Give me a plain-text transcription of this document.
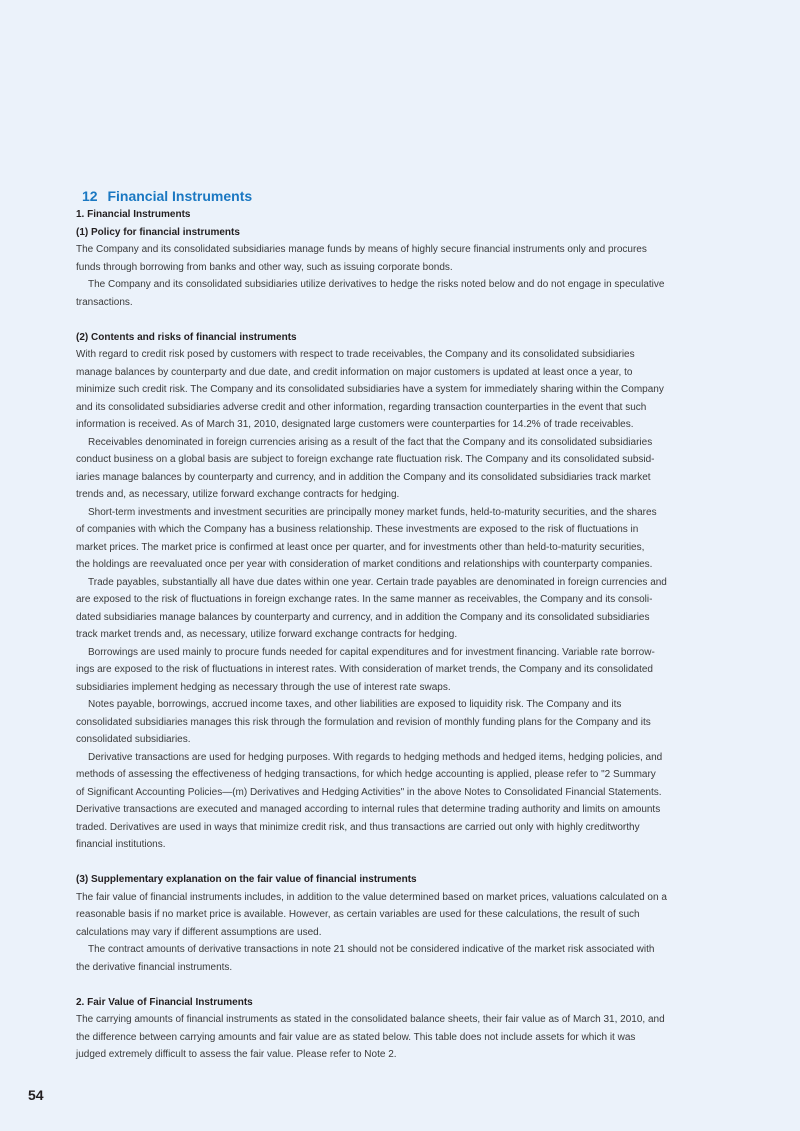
12 Financial Instruments
1. Financial Instruments
(1) Policy for financial instruments
The Company and its consolidated subsidiaries manage funds by means of highly secure financial instruments only and procures
funds through borrowing from banks and other way, such as issuing corporate bonds.
The Company and its consolidated subsidiaries utilize derivatives to hedge the risks noted below and do not engage in speculative
transactions.
(2) Contents and risks of financial instruments
With regard to credit risk posed by customers with respect to trade receivables, the Company and its consolidated subsidiaries
manage balances by counterparty and due date, and credit information on major customers is updated at least once a year, to
minimize such credit risk. The Company and its consolidated subsidiaries have a system for immediately sharing within the Company
and its consolidated subsidiaries adverse credit and other information, regarding transaction counterparties in the event that such
information is received. As of March 31, 2010, designated large customers were counterparties for 14.2% of trade receivables.
Receivables denominated in foreign currencies arising as a result of the fact that the Company and its consolidated subsidiaries
conduct business on a global basis are subject to foreign exchange rate fluctuation risk. The Company and its consolidated subsid-
iaries manage balances by counterparty and currency, and in addition the Company and its consolidated subsidiaries track market
trends and, as necessary, utilize forward exchange contracts for hedging.
Short-term investments and investment securities are principally money market funds, held-to-maturity securities, and the shares
of companies with which the Company has a business relationship. These investments are exposed to the risk of fluctuations in
market prices. The market price is confirmed at least once per quarter, and for investments other than held-to-maturity securities,
the holdings are reevaluated once per year with consideration of market conditions and relationships with counterparty companies.
Trade payables, substantially all have due dates within one year. Certain trade payables are denominated in foreign currencies and
are exposed to the risk of fluctuations in foreign exchange rates. In the same manner as receivables, the Company and its consoli-
dated subsidiaries manage balances by counterparty and currency, and in addition the Company and its consolidated subsidiaries
track market trends and, as necessary, utilize forward exchange contracts for hedging.
Borrowings are used mainly to procure funds needed for capital expenditures and for investment financing. Variable rate borrow-
ings are exposed to the risk of fluctuations in interest rates. With consideration of market trends, the Company and its consolidated
subsidiaries implement hedging as necessary through the use of interest rate swaps.
Notes payable, borrowings, accrued income taxes, and other liabilities are exposed to liquidity risk. The Company and its
consolidated subsidiaries manages this risk through the formulation and revision of monthly funding plans for the Company and its
consolidated subsidiaries.
Derivative transactions are used for hedging purposes. With regards to hedging methods and hedged items, hedging policies, and
methods of assessing the effectiveness of hedging transactions, for which hedge accounting is applied, please refer to "2 Summary
of Significant Accounting Policies—(m) Derivatives and Hedging Activities" in the above Notes to Consolidated Financial Statements.
Derivative transactions are executed and managed according to internal rules that determine trading authority and limits on amounts
traded. Derivatives are used in ways that minimize credit risk, and thus transactions are carried out only with highly creditworthy
financial institutions.
(3) Supplementary explanation on the fair value of financial instruments
The fair value of financial instruments includes, in addition to the value determined based on market prices, valuations calculated on a
reasonable basis if no market price is available. However, as certain variables are used for these calculations, the result of such
calculations may vary if different assumptions are used.
The contract amounts of derivative transactions in note 21 should not be considered indicative of the market risk associated with
the derivative financial instruments.
2. Fair Value of Financial Instruments
The carrying amounts of financial instruments as stated in the consolidated balance sheets, their fair value as of March 31, 2010, and
the difference between carrying amounts and fair value are as stated below. This table does not include assets for which it was
judged extremely difficult to assess the fair value. Please refer to Note 2.
54
